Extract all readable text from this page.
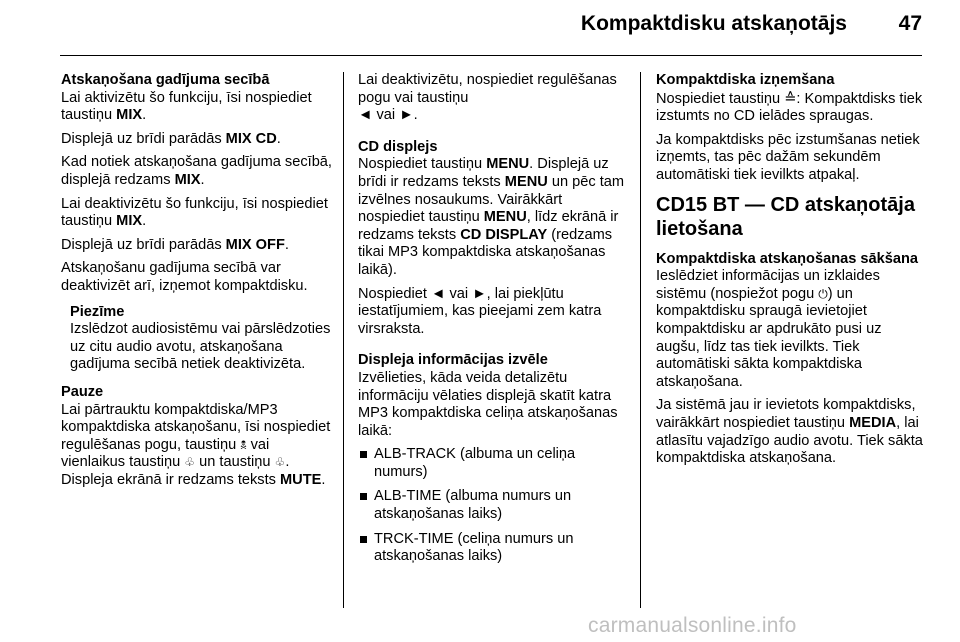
Kompaktdisku atskaņotājs 47
Atskaņošana gadījuma secībā

Lai aktivizētu šo funkciju, īsi nospiediet taustiņu MIX.

Displejā uz brīdi parādās MIX CD.

Kad notiek atskaņošana gadījuma secībā, displejā redzams MIX.

Lai deaktivizētu šo funkciju, īsi nospiediet taustiņu MIX.

Displejā uz brīdi parādās MIX OFF.

Atskaņošanu gadījuma secībā var deaktivizēt arī, izņemot kompaktdisku.

Piezīme
Izslēdzot audiosistēmu vai pārslēdzoties uz citu audio avotu, atskaņošana gadījuma secībā netiek deaktivizēta.
Pauze

Lai pārtrauktu kompaktdiska/MP3 kompaktdiska atskaņošanu, īsi nospiediet regulēšanas pogu, taustiņu 🕱 vai vienlaikus taustiņu ♧ un taustiņu ♧. Displeja ekrānā ir redzams teksts MUTE.

Lai deaktivizētu, nospiediet regulēšanas pogu vai taustiņu

◄ vai ►.

CD displejs

Nospiediet taustiņu MENU. Displejā uz brīdi ir redzams teksts MENU un pēc tam izvēlnes nosaukums. Vairākkārt nospiediet taustiņu MENU, līdz ekrānā ir redzams teksts CD DISPLAY (redzams tikai MP3 kompaktdiska atskaņošanas laikā).

Nospiediet ◄ vai ►, lai piekļūtu iestatījumiem, kas pieejami zem katra virsraksta.

Displeja informācijas izvēle

Izvēlieties, kāda veida detalizētu informāciju vēlaties displejā skatīt katra MP3 kompaktdiska celiņa atskaņošanas laikā:

ALB-TRACK (albuma un celiņa numurs)
ALB-TIME (albuma numurs un atskaņošanas laiks)
TRCK-TIME (celiņa numurs un atskaņošanas laiks)
Kompaktdiska izņemšana

Nospiediet taustiņu ≙: Kompaktdisks tiek izstumts no CD ielādes spraugas.

Ja kompaktdisks pēc izstumšanas netiek izņemts, tas pēc dažām sekundēm automātiski tiek ievilkts atpakaļ.

CD15 BT — CD atskaņotāja lietošana
Kompaktdiska atskaņošanas sākšana

Ieslēdziet informācijas un izklaides sistēmu (nospiežot pogu ⏻) un kompaktdisku spraugā ievietojiet kompaktdisku ar apdrukāto pusi uz augšu, līdz tas tiek ievilkts. Tiek automātiski sākta kompaktdiska atskaņošana.

Ja sistēmā jau ir ievietots kompaktdisks, vairākkārt nospiediet taustiņu MEDIA, lai atlasītu vajadzīgo audio avotu. Tiek sākta kompaktdiska atskaņošana.

carmanualsonline.info
